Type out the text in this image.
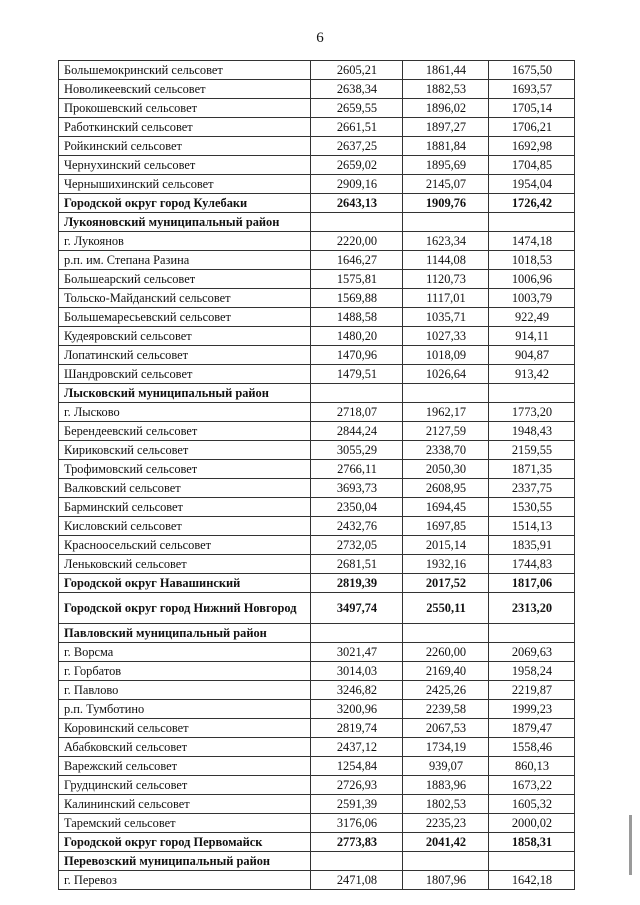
6
Большемокринский сельсовет	2605,21	1861,44	1675,50
Новоликеевский сельсовет	2638,34	1882,53	1693,57
Прокошевский сельсовет	2659,55	1896,02	1705,14
Работкинский сельсовет	2661,51	1897,27	1706,21
Ройкинский сельсовет	2637,25	1881,84	1692,98
Чернухинский сельсовет	2659,02	1895,69	1704,85
Чернышихинский сельсовет	2909,16	2145,07	1954,04
Городской округ город Кулебаки	2643,13	1909,76	1726,42
Лукояновский муниципальный район			
г. Лукоянов	2220,00	1623,34	1474,18
р.п. им. Степана Разина	1646,27	1144,08	1018,53
Большеарский сельсовет	1575,81	1120,73	1006,96
Тольско-Майданский сельсовет	1569,88	1117,01	1003,79
Большемаресьевский сельсовет	1488,58	1035,71	922,49
Кудеяровский сельсовет	1480,20	1027,33	914,11
Лопатинский сельсовет	1470,96	1018,09	904,87
Шандровский сельсовет	1479,51	1026,64	913,42
Лысковский муниципальный район			
г. Лысково	2718,07	1962,17	1773,20
Берендеевский сельсовет	2844,24	2127,59	1948,43
Кириковский сельсовет	3055,29	2338,70	2159,55
Трофимовский сельсовет	2766,11	2050,30	1871,35
Валковский сельсовет	3693,73	2608,95	2337,75
Барминский сельсовет	2350,04	1694,45	1530,55
Кисловский сельсовет	2432,76	1697,85	1514,13
Красноосельский сельсовет	2732,05	2015,14	1835,91
Леньковский сельсовет	2681,51	1932,16	1744,83
Городской округ Навашинский	2819,39	2017,52	1817,06
Городской округ город Нижний Новгород	3497,74	2550,11	2313,20
Павловский муниципальный район			
г. Ворсма	3021,47	2260,00	2069,63
г. Горбатов	3014,03	2169,40	1958,24
г. Павлово	3246,82	2425,26	2219,87
р.п. Тумботино	3200,96	2239,58	1999,23
Коровинский сельсовет	2819,74	2067,53	1879,47
Абабковский сельсовет	2437,12	1734,19	1558,46
Варежский сельсовет	1254,84	939,07	860,13
Грудцинский сельсовет	2726,93	1883,96	1673,22
Калининский сельсовет	2591,39	1802,53	1605,32
Таремский сельсовет	3176,06	2235,23	2000,02
Городской округ город Первомайск	2773,83	2041,42	1858,31
Перевозский муниципальный район			
г. Перевоз	2471,08	1807,96	1642,18
